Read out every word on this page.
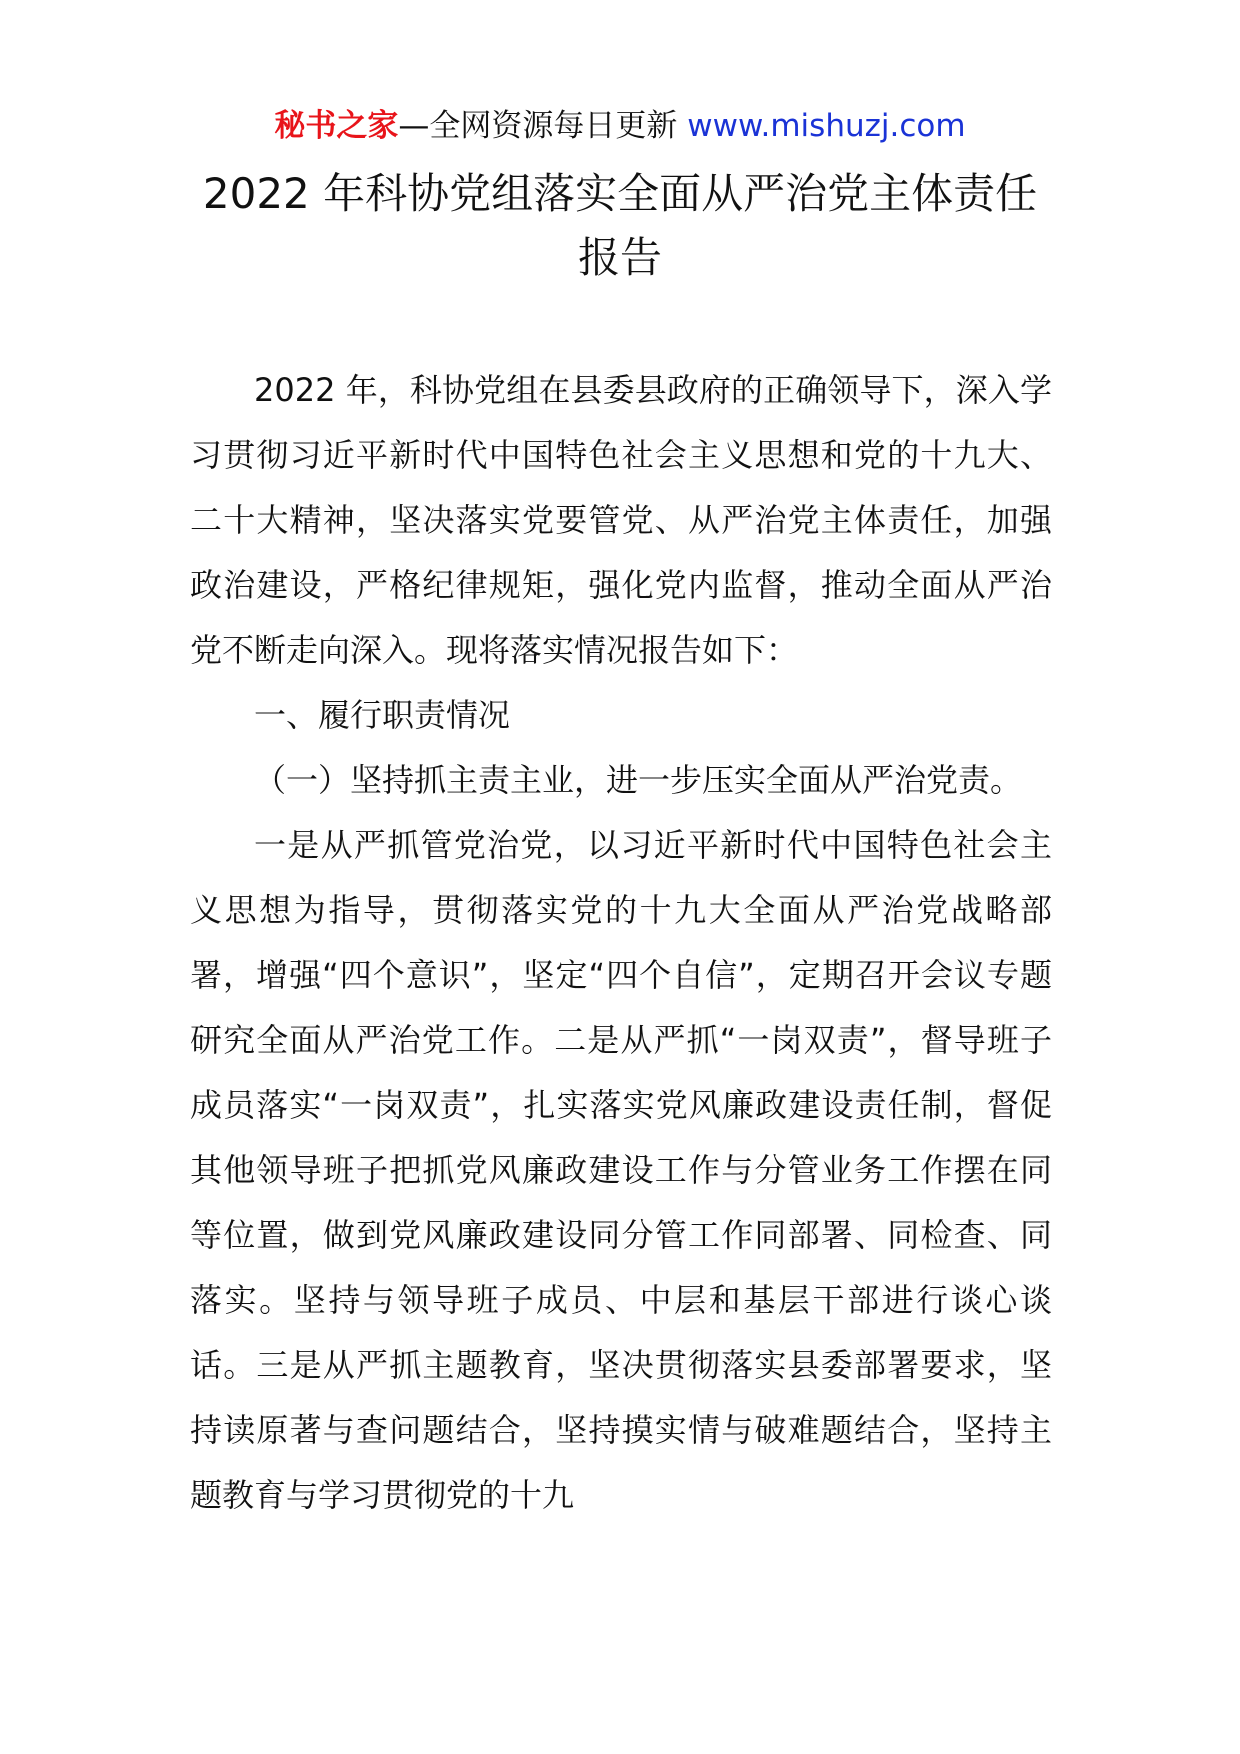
秘书之家—全网资源每日更新 www.mishuzj.com
2022 年科协党组落实全面从严治党主体责任报告

2022 年，科协党组在县委县政府的正确领导下，深入学习贯彻习近平新时代中国特色社会主义思想和党的十九大、二十大精神，坚决落实党要管党、从严治党主体责任，加强政治建设，严格纪律规矩，强化党内监督，推动全面从严治党不断走向深入。现将落实情况报告如下：

一、履行职责情况

（一）坚持抓主责主业，进一步压实全面从严治党责。

一是从严抓管党治党，以习近平新时代中国特色社会主义思想为指导，贯彻落实党的十九大全面从严治党战略部署，增强“四个意识”，坚定“四个自信”，定期召开会议专题研究全面从严治党工作。二是从严抓“一岗双责”，督导班子成员落实“一岗双责”，扎实落实党风廉政建设责任制，督促其他领导班子把抓党风廉政建设工作与分管业务工作摆在同等位置，做到党风廉政建设同分管工作同部署、同检查、同落实。坚持与领导班子成员、中层和基层干部进行谈心谈话。三是从严抓主题教育，坚决贯彻落实县委部署要求，坚持读原著与查问题结合，坚持摸实情与破难题结合，坚持主题教育与学习贯彻党的十九
